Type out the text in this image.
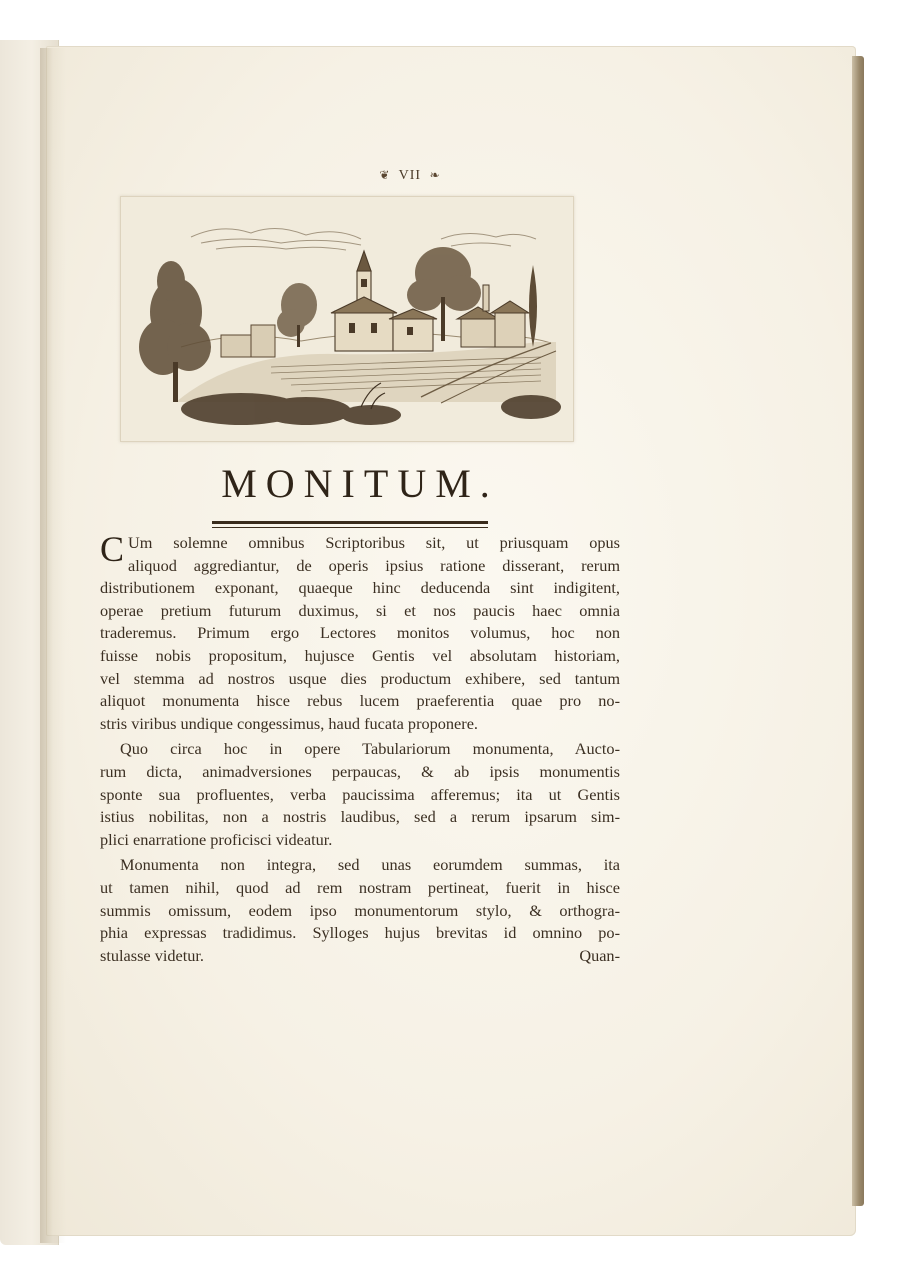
❦ VII ❧
MONITUM.

C Um solemne omnibus Scriptoribus sit, ut priusquam opus
aliquod aggrediantur, de operis ipsius ratione disserant, rerum
distributionem exponant, quaeque hinc deducenda sint indigitent,
operae pretium futurum duximus, si et nos paucis haec omnia
traderemus. Primum ergo Lectores monitos volumus, hoc non
fuisse nobis propositum, hujusce Gentis vel absolutam historiam,
vel stemma ad nostros usque dies productum exhibere, sed tantum
aliquot monumenta hisce rebus lucem praeferentia quae pro no-
stris viribus undique congessimus, haud fucata proponere.

Quo circa hoc in opere Tabulariorum monumenta, Aucto-
rum dicta, animadversiones perpaucas, & ab ipsis monumentis
sponte sua profluentes, verba paucissima afferemus; ita ut Gentis
istius nobilitas, non a nostris laudibus, sed a rerum ipsarum sim-
plici enarratione proficisci videatur.

Monumenta non integra, sed unas eorumdem summas, ita
ut tamen nihil, quod ad rem nostram pertineat, fuerit in hisce
summis omissum, eodem ipso monumentorum stylo, & orthogra-
phia expressas tradidimus. Sylloges hujus brevitas id omnino po-
stulasse videtur.	Quan-
